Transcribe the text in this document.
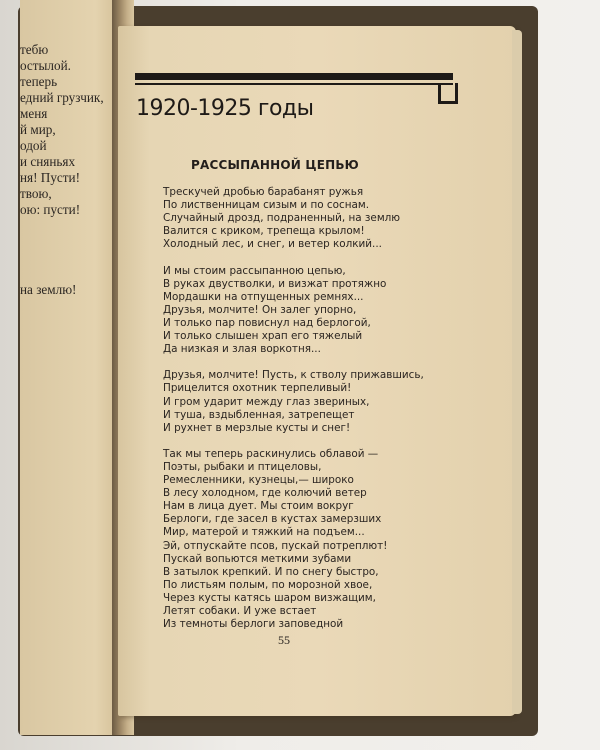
тебю
остылой.
теперь
едний грузчик,
меня
й мир,
одой
и сняньях
ня! Пусти!
твою,
ою: пусти!
на землю!
1920-1925 годы
РАССЫПАННОЙ ЦЕПЬЮ
Трескучей дробью барабанят ружья
По лиственницам сизым и по соснам.
Случайный дрозд, подраненный, на землю
Валится с криком, трепеща крылом!
Холодный лес, и снег, и ветер колкий...
И мы стоим рассыпанною цепью,
В руках двустволки, и визжат протяжно
Мордашки на отпущенных ремнях...
Друзья, молчите! Он залег упорно,
И только пар повиснул над берлогой,
И только слышен храп его тяжелый
Да низкая и злая воркотня...
Друзья, молчите! Пусть, к стволу прижавшись,
Прицелится охотник терпеливый!
И гром ударит между глаз звериных,
И туша, вздыбленная, затрепещет
И рухнет в мерзлые кусты и снег!
Так мы теперь раскинулись облавой —
Поэты, рыбаки и птицеловы,
Ремесленники, кузнецы,— широко
В лесу холодном, где колючий ветер
Нам в лица дует. Мы стоим вокруг
Берлоги, где засел в кустах замерзших
Мир, матерой и тяжкий на подъем...
Эй, отпускайте псов, пускай потреплют!
Пускай вопьются меткими зубами
В затылок крепкий. И по снегу быстро,
По листьям полым, по морозной хвое,
Через кусты катясь шаром визжащим,
Летят собаки. И уже встает
Из темноты берлоги заповедной
55
